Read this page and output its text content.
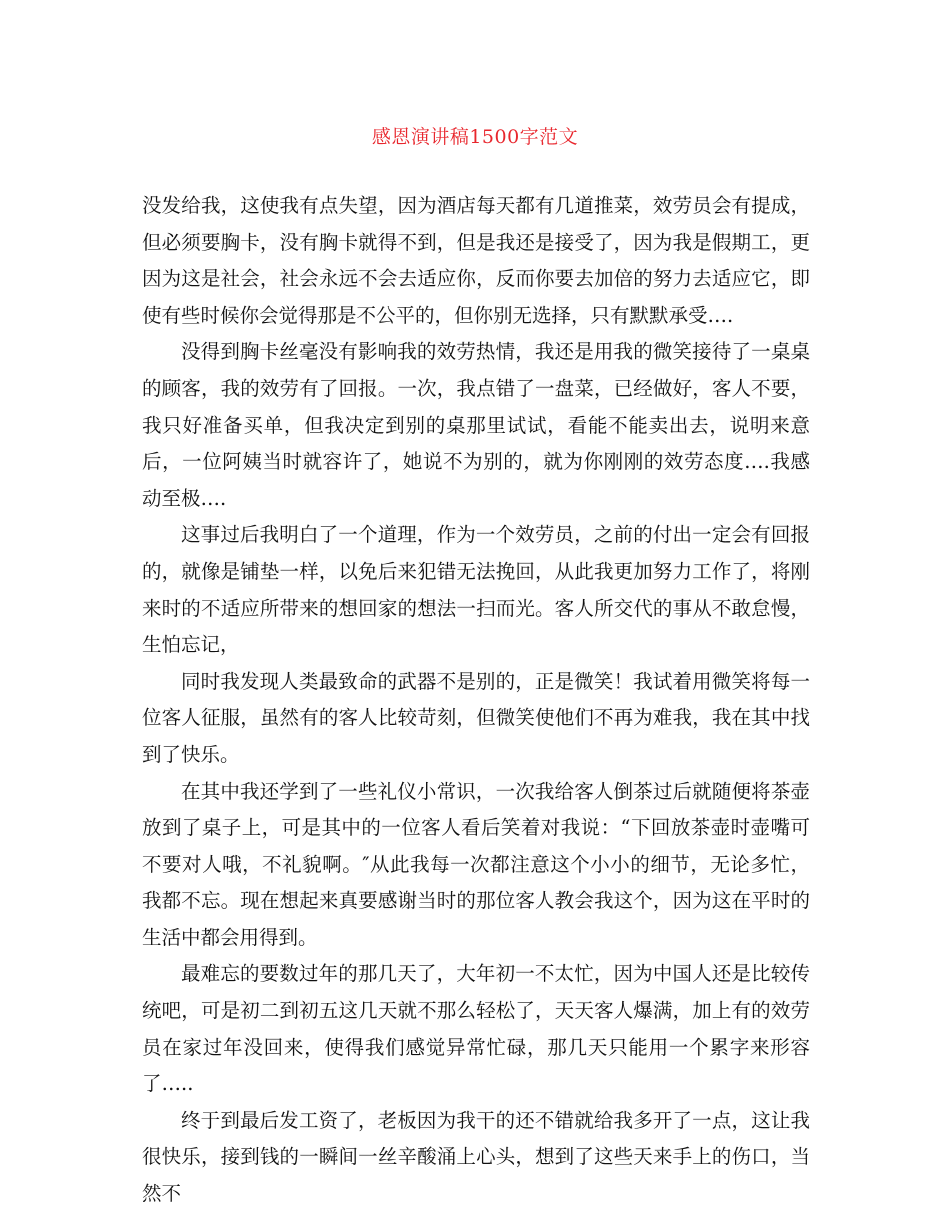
感恩演讲稿1500字范文

没发给我，这使我有点失望，因为酒店每天都有几道推菜，效劳员会有提成，但必须要胸卡，没有胸卡就得不到，但是我还是接受了，因为我是假期工，更因为这是社会，社会永远不会去适应你，反而你要去加倍的努力去适应它，即使有些时候你会觉得那是不公平的，但你别无选择，只有默默承受….

没得到胸卡丝毫没有影响我的效劳热情，我还是用我的微笑接待了一桌桌的顾客，我的效劳有了回报。一次，我点错了一盘菜，已经做好，客人不要，我只好准备买单，但我决定到别的桌那里试试，看能不能卖出去，说明来意后，一位阿姨当时就容许了，她说不为别的，就为你刚刚的效劳态度….我感动至极….

这事过后我明白了一个道理，作为一个效劳员，之前的付出一定会有回报的，就像是铺垫一样，以免后来犯错无法挽回，从此我更加努力工作了，将刚来时的不适应所带来的想回家的想法一扫而光。客人所交代的事从不敢怠慢，生怕忘记，

同时我发现人类最致命的武器不是别的，正是微笑！我试着用微笑将每一位客人征服，虽然有的客人比较苛刻，但微笑使他们不再为难我，我在其中找到了快乐。

在其中我还学到了一些礼仪小常识，一次我给客人倒茶过后就随便将茶壶放到了桌子上，可是其中的一位客人看后笑着对我说：“下回放茶壶时壶嘴可不要对人哦，不礼貌啊。″从此我每一次都注意这个小小的细节，无论多忙，我都不忘。现在想起来真要感谢当时的那位客人教会我这个，因为这在平时的生活中都会用得到。

最难忘的要数过年的那几天了，大年初一不太忙，因为中国人还是比较传统吧，可是初二到初五这几天就不那么轻松了，天天客人爆满，加上有的效劳员在家过年没回来，使得我们感觉异常忙碌，那几天只能用一个累字来形容了…..

终于到最后发工资了，老板因为我干的还不错就给我多开了一点，这让我很快乐，接到钱的一瞬间一丝辛酸涌上心头，想到了这些天来手上的伤口，当然不
